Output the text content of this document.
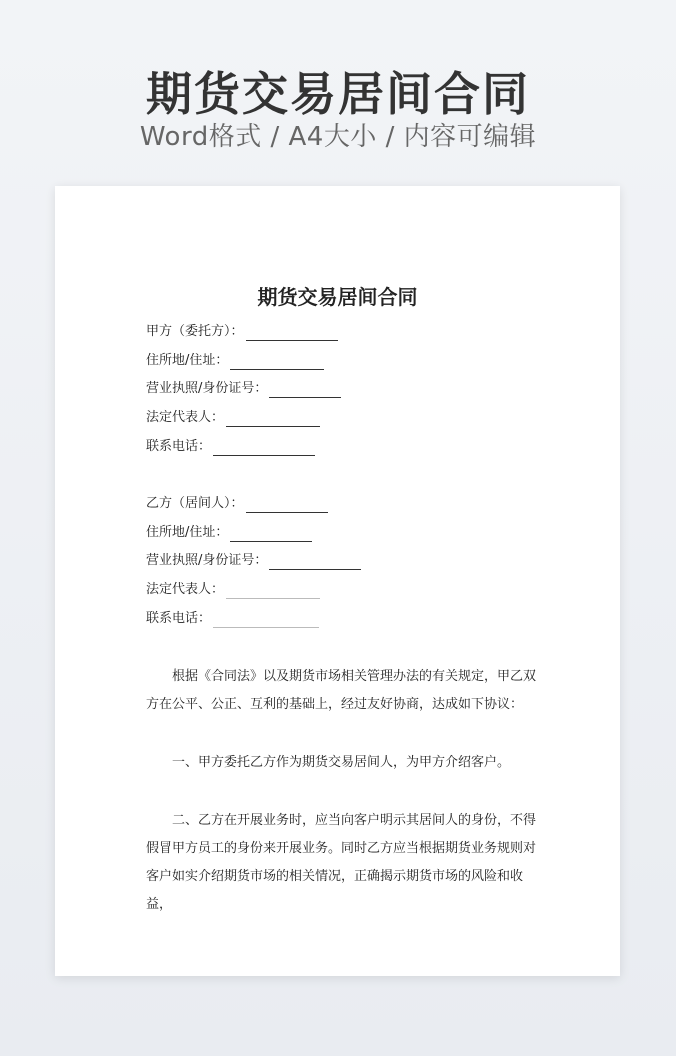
期货交易居间合同
Word格式 / A4大小 / 内容可编辑
期货交易居间合同
甲方（委托方）：
住所地/住址：
营业执照/身份证号：
法定代表人：
联系电话：
乙方（居间人）：
住所地/住址：
营业执照/身份证号：
法定代表人：
联系电话：
根据《合同法》以及期货市场相关管理办法的有关规定，甲乙双方在公平、公正、互利的基础上，经过友好协商，达成如下协议：
一、甲方委托乙方作为期货交易居间人，为甲方介绍客户。
二、乙方在开展业务时，应当向客户明示其居间人的身份，不得假冒甲方员工的身份来开展业务。同时乙方应当根据期货业务规则对客户如实介绍期货市场的相关情况，正确揭示期货市场的风险和收益，
